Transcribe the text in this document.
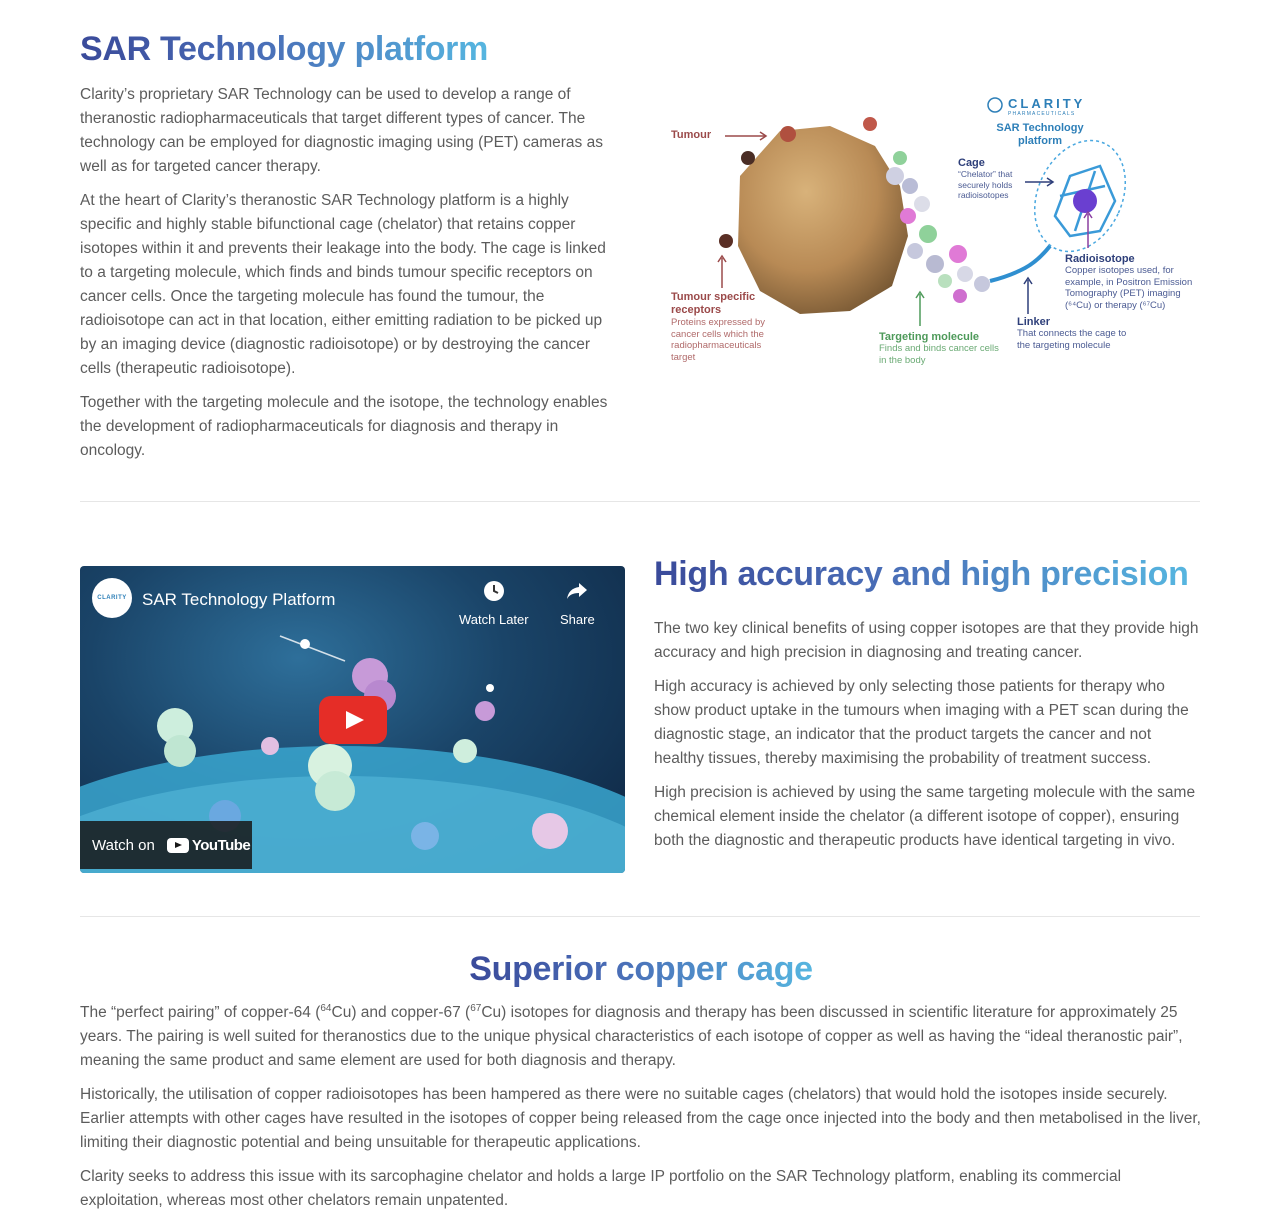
SAR Technology platform

Clarity’s proprietary SAR Technology can be used to develop a range of theranostic radiopharmaceuticals that target different types of cancer. The technology can be employed for diagnostic imaging using (PET) cameras as well as for targeted cancer therapy.

At the heart of Clarity’s theranostic SAR Technology platform is a highly specific and highly stable bifunctional cage (chelator) that retains copper isotopes within it and prevents their leakage into the body. The cage is linked to a targeting molecule, which finds and binds tumour specific receptors on cancer cells. Once the targeting molecule has found the tumour, the radioisotope can act in that location, either emitting radiation to be picked up by an imaging device (diagnostic radioisotope) or by destroying the cancer cells (therapeutic radioisotope).

Together with the targeting molecule and the isotope, the technology enables the development of radiopharmaceuticals for diagnosis and therapy in oncology.

CLARITY
PHARMACEUTICALS
SAR Technology
platform
Tumour
Cage
“Chelator” that securely holds radioisotopes
Tumour specific receptors
Proteins expressed by cancer cells which the radiopharmaceuticals target
Targeting molecule
Finds and binds cancer cells in the body
Linker
That connects the cage to the targeting molecule
Radioisotope
Copper isotopes used, for example, in Positron Emission Tomography (PET) imaging (⁶⁴Cu) or therapy (⁶⁷Cu)
CLARITY SAR Technology Platform
Watch Later Share
Watch on YouTube
High accuracy and high precision

The two key clinical benefits of using copper isotopes are that they provide high accuracy and high precision in diagnosing and treating cancer.

High accuracy is achieved by only selecting those patients for therapy who show product uptake in the tumours when imaging with a PET scan during the diagnostic stage, an indicator that the product targets the cancer and not healthy tissues, thereby maximising the probability of treatment success.

High precision is achieved by using the same targeting molecule with the same chemical element inside the chelator (a different isotope of copper), ensuring both the diagnostic and therapeutic products have identical targeting in vivo.

Superior copper cage

The “perfect pairing” of copper-64 ($^{64}$Cu) and copper-67 ($^{67}$Cu) isotopes for diagnosis and therapy has been discussed in scientific literature for approximately 25 years. The pairing is well suited for theranostics due to the unique physical characteristics of each isotope of copper as well as having the “ideal theranostic pair”, meaning the same product and same element are used for both diagnosis and therapy.

Historically, the utilisation of copper radioisotopes has been hampered as there were no suitable cages (chelators) that would hold the isotopes inside securely. Earlier attempts with other cages have resulted in the isotopes of copper being released from the cage once injected into the body and then metabolised in the liver, limiting their diagnostic potential and being unsuitable for therapeutic applications.

Clarity seeks to address this issue with its sarcophagine chelator and holds a large IP portfolio on the SAR Technology platform, enabling its commercial exploitation, whereas most other chelators remain unpatented.
